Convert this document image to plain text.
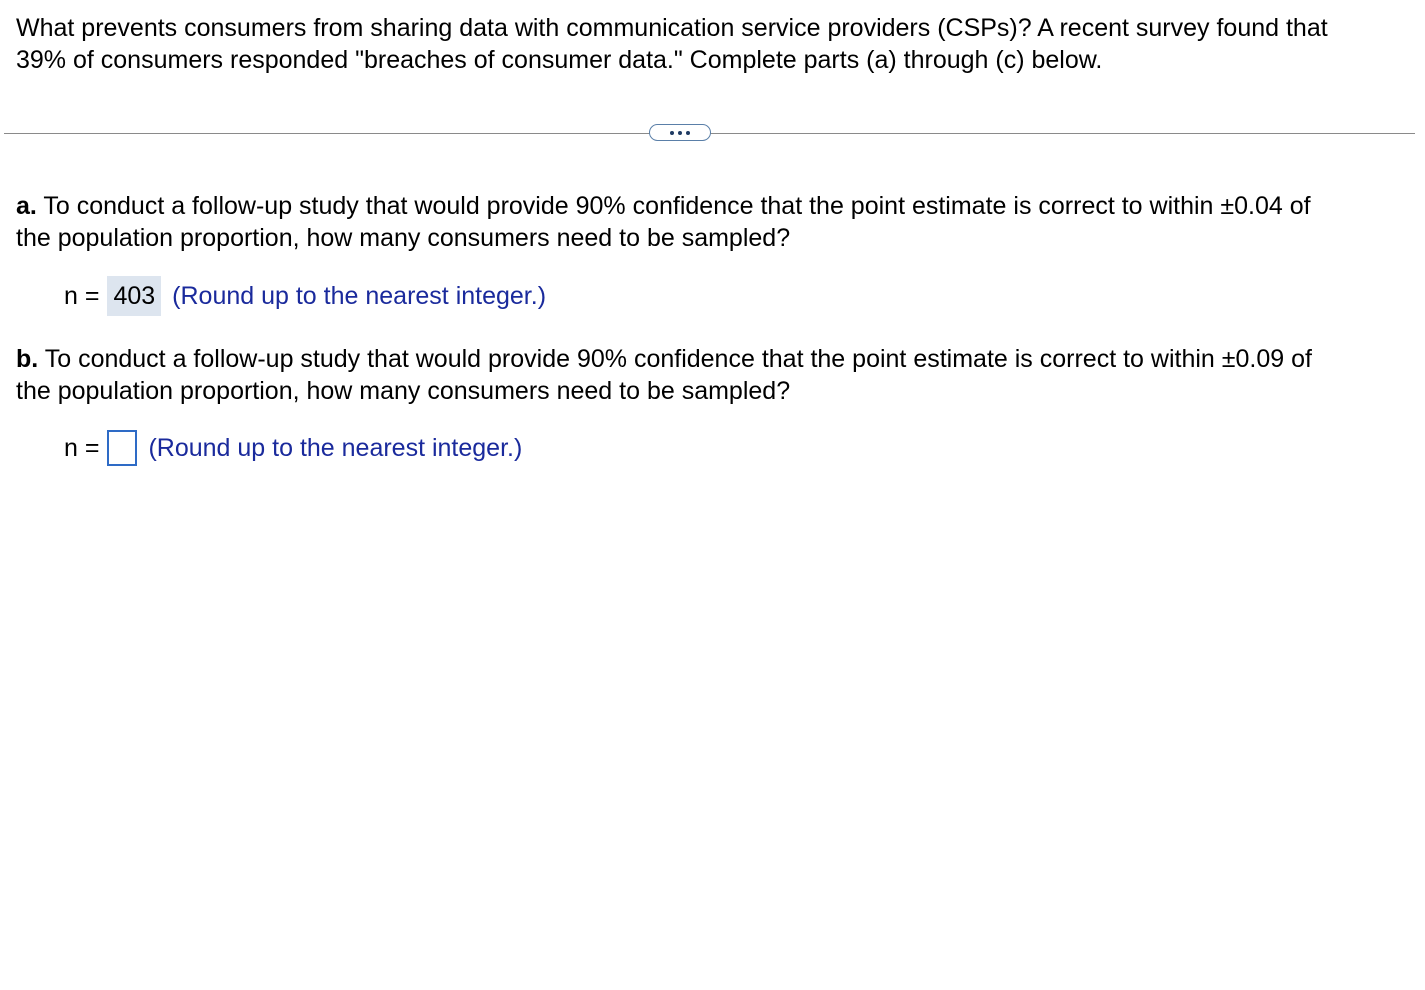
What prevents consumers from sharing data with communication service providers (CSPs)? A recent survey found that
39% of consumers responded "breaches of consumer data." Complete parts (a) through (c) below.
a. To conduct a follow-up study that would provide 90% confidence that the point estimate is correct to within ±0.04 of
the population proportion, how many consumers need to be sampled?
n = 403 (Round up to the nearest integer.)
b. To conduct a follow-up study that would provide 90% confidence that the point estimate is correct to within ±0.09 of
the population proportion, how many consumers need to be sampled?
n = (Round up to the nearest integer.)
